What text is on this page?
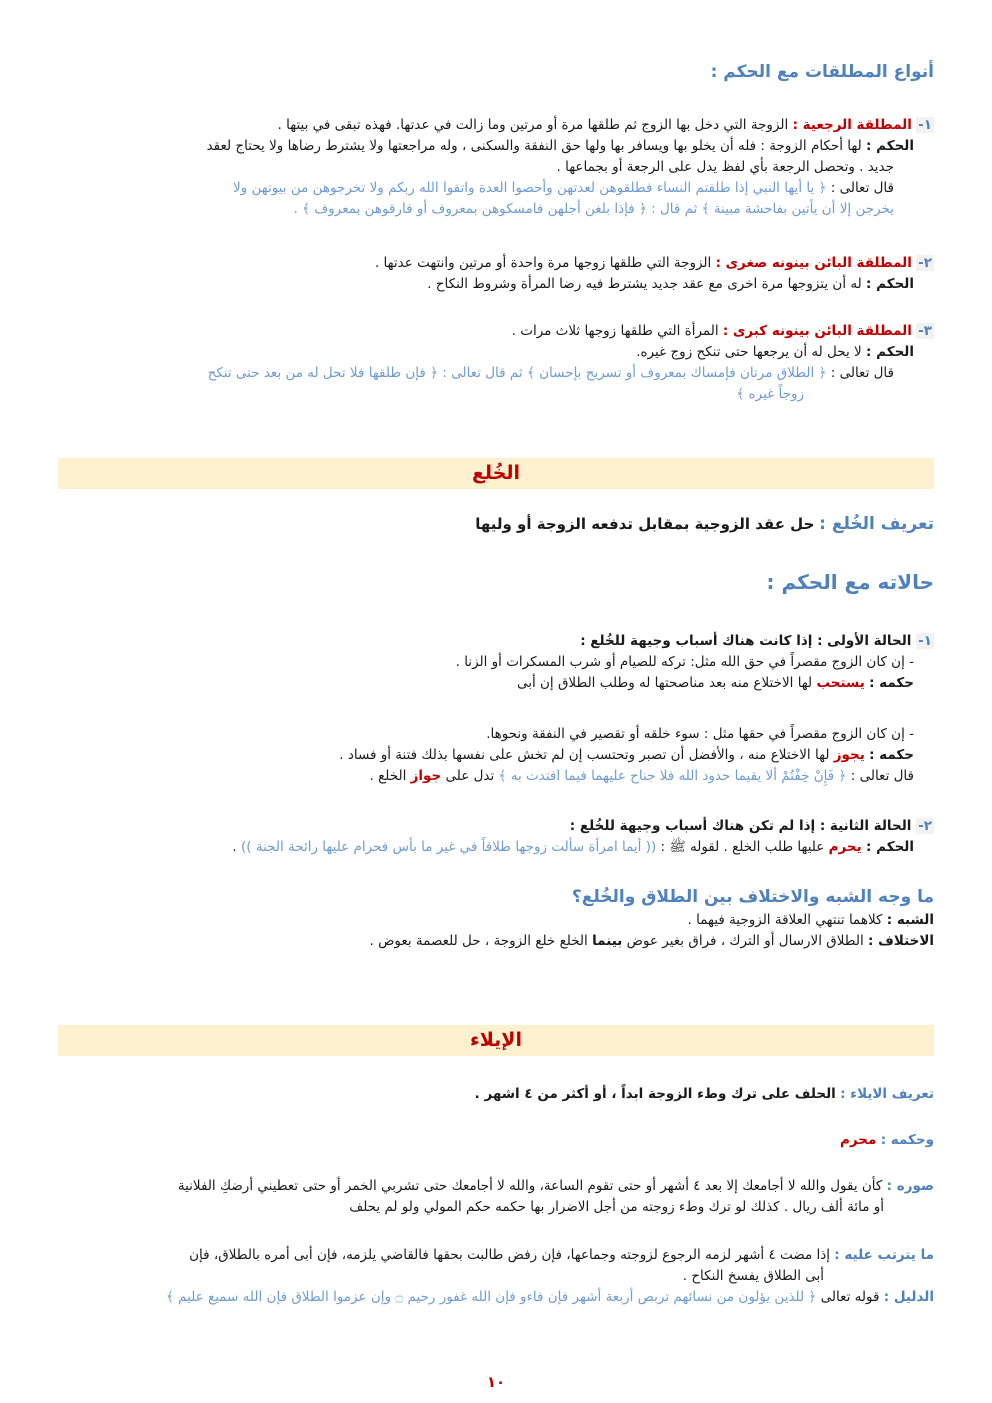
أنواع المطلقات مع الحكم :
١- المطلقة الرجعية : الزوجة التي دخل بها الزوج ثم طلقها مرة أو مرتين وما زالت في عدتها. فهذه تبقى في بيتها .
الحكم : لها أحكام الزوجة : فله أن يخلو بها ويسافر بها ولها حق النفقة والسكنى ، وله مراجعتها ولا يشترط رضاها ولا يحتاج لعقد
جديد . وتحصل الرجعة بأي لفظ يدل على الرجعة أو بجماعها .
قال تعالى : ﴿ يا أيها النبي إذا طلقتم النساء فطلقوهن لعدتهن وأحصوا العدة واتقوا الله ربكم ولا تخرجوهن من بيوتهن ولا
يخرجن إلا أن يأتين بفاحشة مبينة ﴾ ثم قال : ﴿ فإذا بلغن أجلهن فامسكوهن بمعروف أو فارقوهن بمعروف ﴾ .
٢- المطلقة البائن بينونه صغرى : الزوجة التي طلقها زوجها مرة واحدة أو مرتين وانتهت عدتها .
الحكم : له أن يتزوجها مرة اخرى مع عقد جديد يشترط فيه رضا المرأة وشروط النكاح .
٣- المطلقة البائن بينونه كبرى : المرأة التي طلقها زوجها ثلاث مرات .
الحكم : لا يحل له أن يرجعها حتى تنكح زوج غيره.
قال تعالى : ﴿ الطلاق مرتان فإمساك بمعروف أو تسريح بإحسان ﴾ ثم قال تعالى : ﴿ فإن طلقها فلا تحل له من بعد حتى تنكح
زوجاً غيره ﴾
الخُلع
تعريف الخُلع : حل عقد الزوجية بمقابل تدفعه الزوجة أو وليها
حالاته مع الحكم :
١- الحالة الأولى : إذا كانت هناك أسباب وجيهة للخُلع :
- إن كان الزوج مقصراً في حق الله مثل: تركه للصيام أو شرب المسكرات أو الزنا .
حكمه : يستحب لها الاختلاع منه بعد مناصحتها له وطلب الطلاق إن أبى
- إن كان الزوج مقصراً في حقها مثل : سوء خلقه أو تقصير في النفقة ونحوها.
حكمه : يجوز لها الاختلاع منه ، والأفضل أن تصبر وتحتسب إن لم تخش على نفسها بذلك فتنة أو فساد .
قال تعالى : ﴿ فَإِنْ خِفْتُمْ ألا يقيما حدود الله فلا جناح عليهما فيما افتدت به ﴾ تدل على جواز الخلع .
٢- الحالة الثانية : إذا لم تكن هناك أسباب وجيهة للخُلع :
الحكم : يحرم عليها طلب الخلع . لقوله ﷺ : (( أيما امرأة سألت زوجها طلاقاً في غير ما بأس فحرام عليها رائحة الجنة )) .
ما وجه الشبه والاختلاف بين الطلاق والخُلع؟
الشبه : كلاهما تنتهي العلاقة الزوجية فيهما .
الاختلاف : الطلاق الارسال أو الترك ، فراق بغير عوض بينما الخلع خلع الزوجة ، حل للعصمة بعوض .
الإيلاء
تعريف الايلاء : الحلف على ترك وطء الزوجة ابداً ، أو أكثر من ٤ اشهر .
وحكمه : محرم
صوره : كأن يقول والله لا أجامعك إلا بعد ٤ أشهر أو حتى تقوم الساعة، والله لا أجامعك حتى تشربي الخمر أو حتى تعطيني أرضكِ الفلانية
أو مائة ألف ريال . كذلك لو ترك وطء زوجته من أجل الاضرار بها حكمه حكم المولي ولو لم يحلف
ما يترتب عليه : إذا مضت ٤ أشهر لزمه الرجوع لزوجته وجماعها، فإن رفض طالبت بحقها فالقاضي يلزمه، فإن أبى أمره بالطلاق، فإن
أبى الطلاق يفسخ النكاح .
الدليل : قوله تعالى ﴿ للذين يؤلون من نسائهم تربص أربعة أشهر فإن فاءو فإن الله غفور رحيم ۝ وإن عزموا الطلاق فإن الله سميع عليم ﴾
١٠
